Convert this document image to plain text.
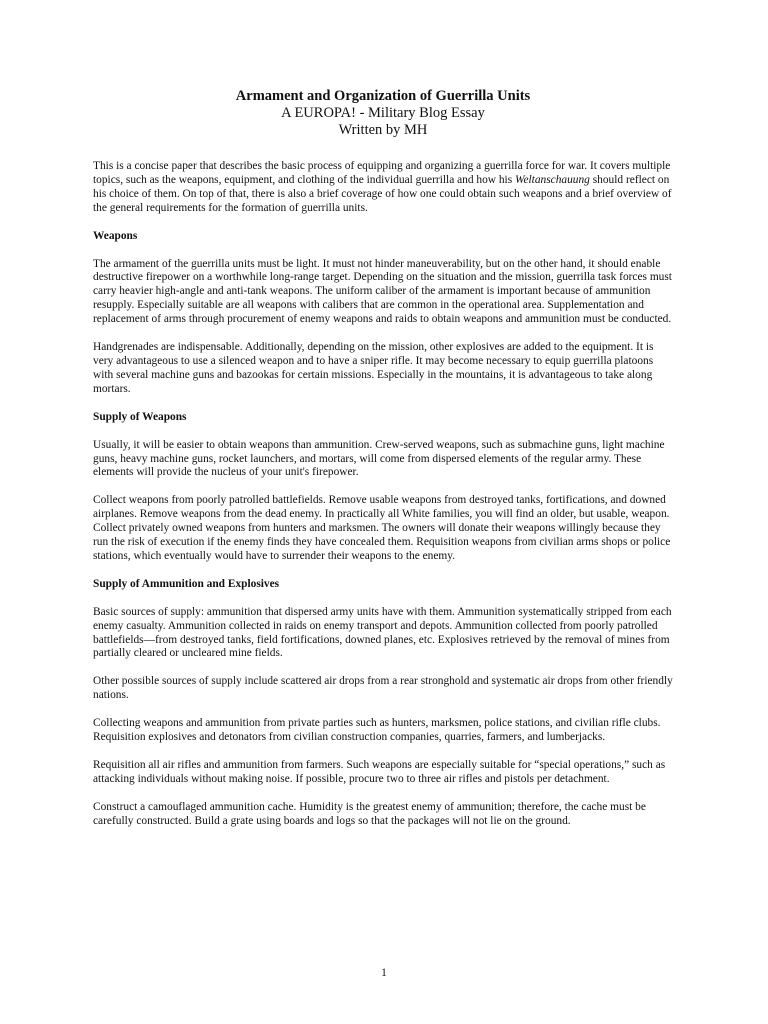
Armament and Organization of Guerrilla Units
A EUROPA! - Military Blog Essay
Written by MH

This is a concise paper that describes the basic process of equipping and organizing a guerrilla force for war. It covers multiple topics, such as the weapons, equipment, and clothing of the individual guerrilla and how his Weltanschauung should reflect on his choice of them. On top of that, there is also a brief coverage of how one could obtain such weapons and a brief overview of the general requirements for the formation of guerrilla units.

Weapons

The armament of the guerrilla units must be light. It must not hinder maneuverability, but on the other hand, it should enable destructive firepower on a worthwhile long-range target. Depending on the situation and the mission, guerrilla task forces must carry heavier high-angle and anti-tank weapons. The uniform caliber of the armament is important because of ammunition resupply. Especially suitable are all weapons with calibers that are common in the operational area. Supplementation and replacement of arms through procurement of enemy weapons and raids to obtain weapons and ammunition must be conducted.

Handgrenades are indispensable. Additionally, depending on the mission, other explosives are added to the equipment. It is very advantageous to use a silenced weapon and to have a sniper rifle. It may become necessary to equip guerrilla platoons with several machine guns and bazookas for certain missions. Especially in the mountains, it is advantageous to take along mortars.

Supply of Weapons

Usually, it will be easier to obtain weapons than ammunition. Crew-served weapons, such as submachine guns, light machine guns, heavy machine guns, rocket launchers, and mortars, will come from dispersed elements of the regular army. These elements will provide the nucleus of your unit's firepower.

Collect weapons from poorly patrolled battlefields. Remove usable weapons from destroyed tanks, fortifications, and downed airplanes. Remove weapons from the dead enemy. In practically all White families, you will find an older, but usable, weapon. Collect privately owned weapons from hunters and marksmen. The owners will donate their weapons willingly because they run the risk of execution if the enemy finds they have concealed them. Requisition weapons from civilian arms shops or police stations, which eventually would have to surrender their weapons to the enemy.

Supply of Ammunition and Explosives

Basic sources of supply: ammunition that dispersed army units have with them. Ammunition systematically stripped from each enemy casualty. Ammunition collected in raids on enemy transport and depots. Ammunition collected from poorly patrolled battlefields—from destroyed tanks, field fortifications, downed planes, etc. Explosives retrieved by the removal of mines from partially cleared or uncleared mine fields.

Other possible sources of supply include scattered air drops from a rear stronghold and systematic air drops from other friendly nations.

Collecting weapons and ammunition from private parties such as hunters, marksmen, police stations, and civilian rifle clubs. Requisition explosives and detonators from civilian construction companies, quarries, farmers, and lumberjacks.

Requisition all air rifles and ammunition from farmers. Such weapons are especially suitable for “special operations,” such as attacking individuals without making noise. If possible, procure two to three air rifles and pistols per detachment.

Construct a camouflaged ammunition cache. Humidity is the greatest enemy of ammunition; therefore, the cache must be carefully constructed. Build a grate using boards and logs so that the packages will not lie on the ground.

1
